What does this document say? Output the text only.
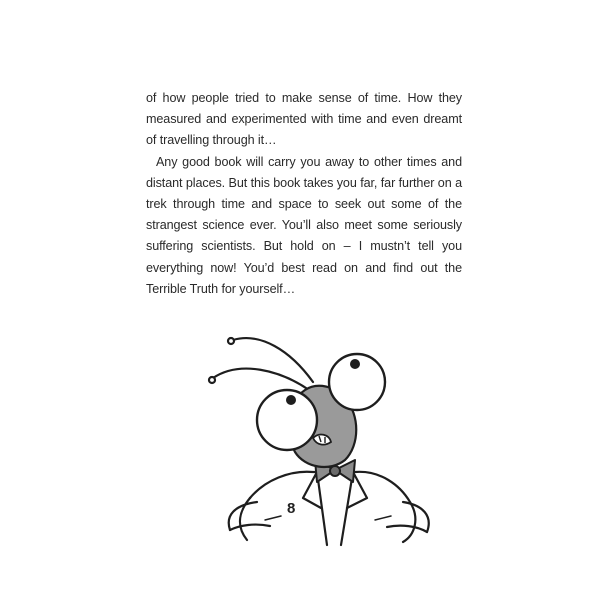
of how people tried to make sense of time. How they measured and experimented with time and even dreamt of travelling through it…

Any good book will carry you away to other times and distant places. But this book takes you far, far further on a trek through time and space to seek out some of the strangest science ever. You’ll also meet some seriously suffering scientists. But hold on – I mustn’t tell you everything now! You’d best read on and find out the Terrible Truth for yourself…

8
